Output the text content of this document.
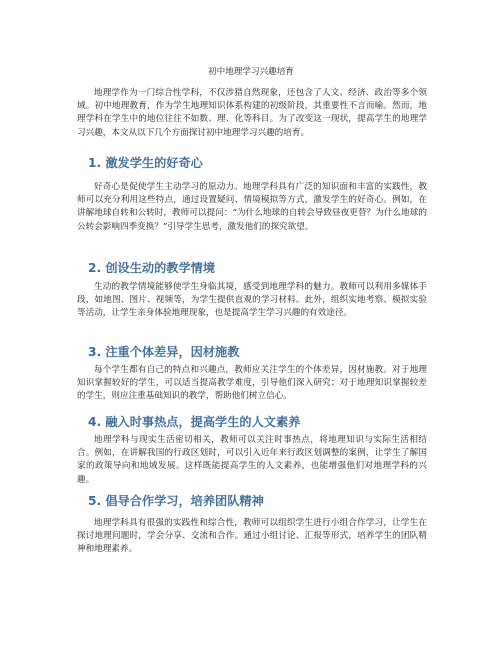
初中地理学习兴趣培育

地理学作为一门综合性学科，不仅涉猎自然现象，还包含了人文、经济、政治等多个领域。初中地理教育，作为学生地理知识体系构建的初级阶段，其重要性不言而喻。然而，地理学科在学生中的地位往往不如数、理、化等科目。为了改变这一现状，提高学生的地理学习兴趣，本文从以下几个方面探讨初中地理学习兴趣的培育。

1. 激发学生的好奇心

好奇心是促使学生主动学习的原动力。地理学科具有广泛的知识面和丰富的实践性，教师可以充分利用这些特点，通过设置疑问、情境模拟等方式，激发学生的好奇心。例如，在讲解地球自转和公转时，教师可以提问：“为什么地球的自转会导致昼夜更替？为什么地球的公转会影响四季变换？”引导学生思考，激发他们的探究欲望。

2. 创设生动的教学情境

生动的教学情境能够使学生身临其境，感受到地理学科的魅力。教师可以利用多媒体手段，如地图、图片、视频等，为学生提供直观的学习材料。此外，组织实地考察、模拟实验等活动，让学生亲身体验地理现象，也是提高学生学习兴趣的有效途径。

3. 注重个体差异，因材施教

每个学生都有自己的特点和兴趣点，教师应关注学生的个体差异，因材施教。对于地理知识掌握较好的学生，可以适当提高教学难度，引导他们深入研究；对于地理知识掌握较差的学生，则应注重基础知识的教学，帮助他们树立信心。

4. 融入时事热点，提高学生的人文素养

地理学科与现实生活密切相关，教师可以关注时事热点，将地理知识与实际生活相结合。例如，在讲解我国的行政区划时，可以引入近年来行政区划调整的案例，让学生了解国家的政策导向和地域发展。这样既能提高学生的人文素养，也能增强他们对地理学科的兴趣。

5. 倡导合作学习，培养团队精神

地理学科具有很强的实践性和综合性，教师可以组织学生进行小组合作学习，让学生在探讨地理问题时，学会分享、交流和合作。通过小组讨论、汇报等形式，培养学生的团队精神和地理素养。
